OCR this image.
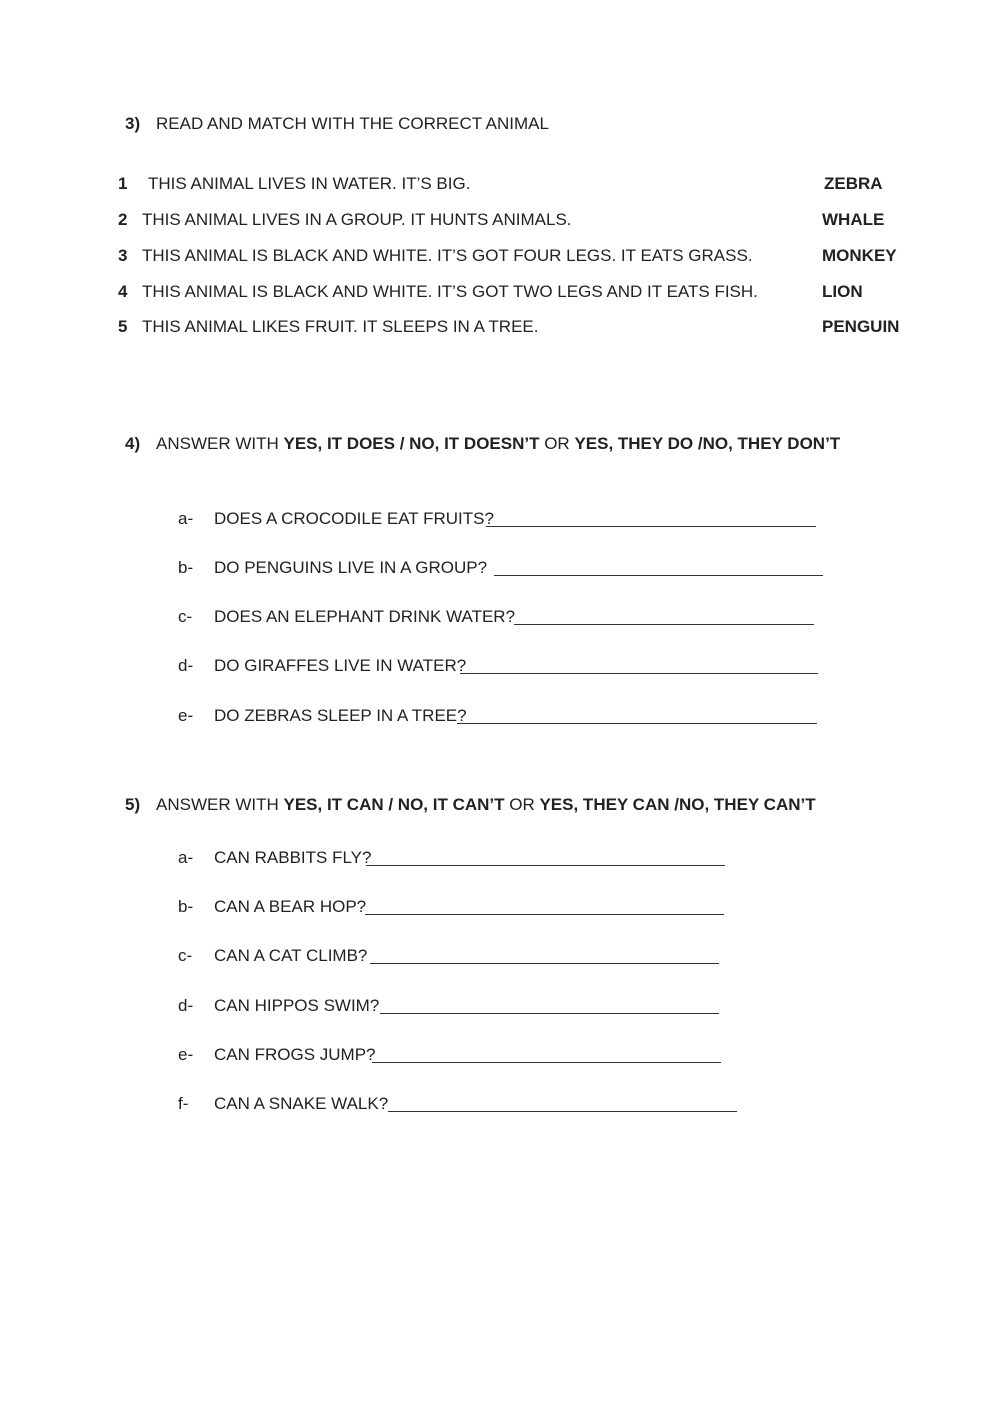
3) READ AND MATCH WITH THE CORRECT ANIMAL
1 THIS ANIMAL LIVES IN WATER. IT’S BIG.	ZEBRA
2 THIS ANIMAL LIVES IN A GROUP. IT HUNTS ANIMALS.	WHALE
3 THIS ANIMAL IS BLACK AND WHITE. IT’S GOT FOUR LEGS. IT EATS GRASS.	MONKEY
4 THIS ANIMAL IS BLACK AND WHITE. IT’S GOT TWO LEGS AND IT EATS FISH.	LION
5 THIS ANIMAL LIKES FRUIT. IT SLEEPS IN A TREE.	PENGUIN
4) ANSWER WITH YES, IT DOES / NO, IT DOESN’T OR YES, THEY DO /NO, THEY DON’T
a- DOES A CROCODILE EAT FRUITS?
b- DO PENGUINS LIVE IN A GROUP?
c- DOES AN ELEPHANT DRINK WATER?
d- DO GIRAFFES LIVE IN WATER?
e- DO ZEBRAS SLEEP IN A TREE?
5) ANSWER WITH YES, IT CAN / NO, IT CAN’T OR YES, THEY CAN /NO, THEY CAN’T
a- CAN RABBITS FLY?
b- CAN A BEAR HOP?
c- CAN A CAT CLIMB?
d- CAN HIPPOS SWIM?
e- CAN FROGS JUMP?
f- CAN A SNAKE WALK?
